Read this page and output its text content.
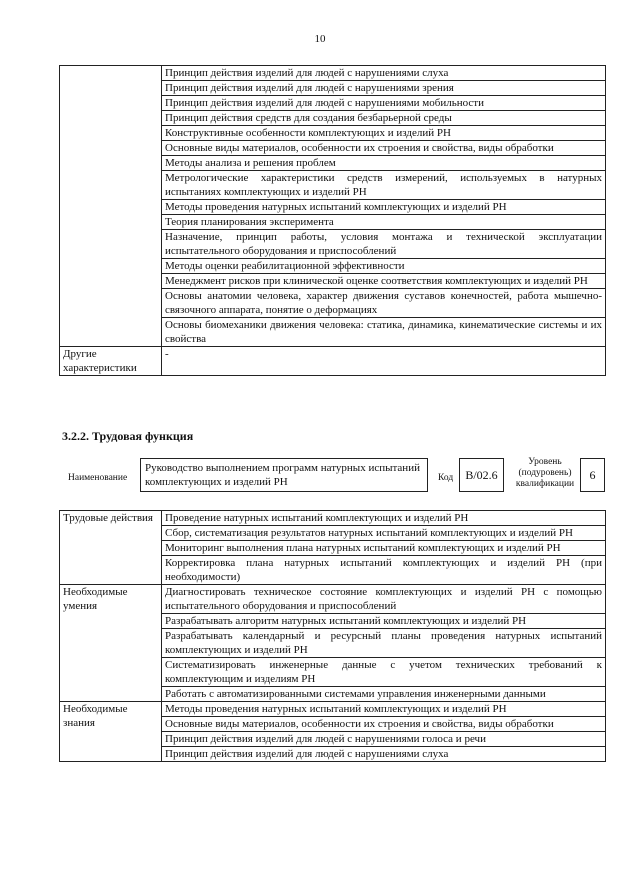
10
	Принцип действия изделий для людей с нарушениями слуха
	Принцип действия изделий для людей с нарушениями зрения
	Принцип действия изделий для людей с нарушениями мобильности
	Принцип действия средств для создания безбарьерной среды
	Конструктивные особенности комплектующих и изделий РН
	Основные виды материалов, особенности их строения и свойства, виды обработки
	Методы анализа и решения проблем
	Метрологические характеристики средств измерений, используемых в натурных испытаниях комплектующих и изделий РН
	Методы проведения натурных испытаний комплектующих и изделий РН
	Теория планирования эксперимента
	Назначение, принцип работы, условия монтажа и технической эксплуатации испытательного оборудования и приспособлений
	Методы оценки реабилитационной эффективности
	Менеджмент рисков при клинической оценке соответствия комплектующих и изделий РН
	Основы анатомии человека, характер движения суставов конечностей, работа мышечно-связочного аппарата, понятие о деформациях
	Основы биомеханики движения человека: статика, динамика, кинематические системы и их свойства
Другие характеристики	-
3.2.2. Трудовая функция
Наименование
Руководство выполнением программ натурных испытаний комплектующих и изделий РН	Код	B/02.6
Уровень (подуровень) квалификации
6
Трудовые действия	Проведение натурных испытаний комплектующих и изделий РН
	Сбор, систематизация результатов натурных испытаний комплектующих и изделий РН
	Мониторинг выполнения плана натурных испытаний комплектующих и изделий РН
	Корректировка плана натурных испытаний комплектующих и изделий РН (при необходимости)
Необходимые умения	Диагностировать техническое состояние комплектующих и изделий РН с помощью испытательного оборудования и приспособлений
	Разрабатывать алгоритм натурных испытаний комплектующих и изделий РН
	Разрабатывать календарный и ресурсный планы проведения натурных испытаний комплектующих и изделий РН
	Систематизировать инженерные данные с учетом технических требований к комплектующим и изделиям РН
	Работать с автоматизированными системами управления инженерными данными
Необходимые знания	Методы проведения натурных испытаний комплектующих и изделий РН
	Основные виды материалов, особенности их строения и свойства, виды обработки
	Принцип действия изделий для людей с нарушениями голоса и речи
	Принцип действия изделий для людей с нарушениями слуха
